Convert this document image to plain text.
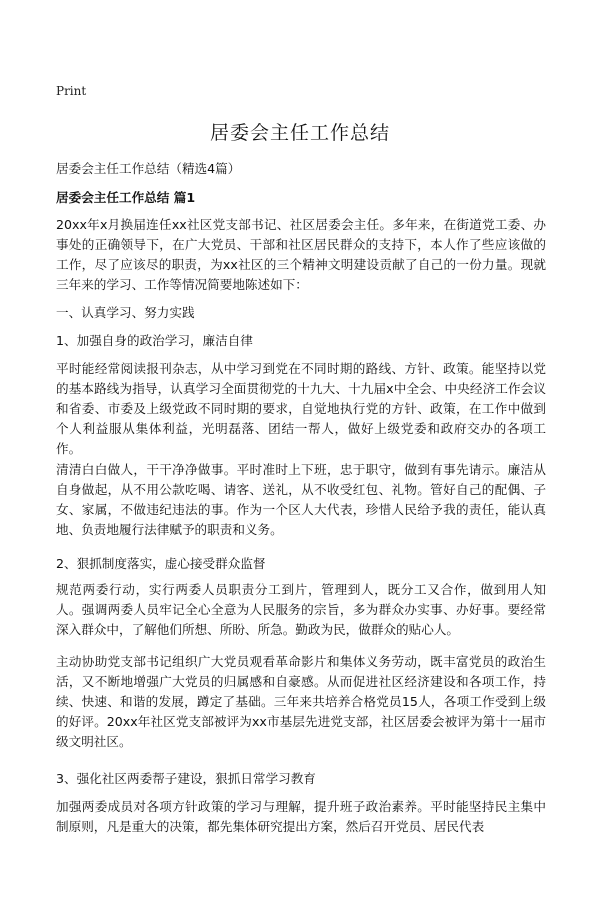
Print
居委会主任工作总结
居委会主任工作总结（精选4篇）
居委会主任工作总结 篇1
20xx年x月换届连任xx社区党支部书记、社区居委会主任。多年来，在街道党工委、办事处的正确领导下，在广大党员、干部和社区居民群众的支持下，本人作了些应该做的工作，尽了应该尽的职责，为xx社区的三个精神文明建设贡献了自己的一份力量。现就三年来的学习、工作等情况简要地陈述如下：
一、认真学习、努力实践
1、加强自身的政治学习，廉洁自律
平时能经常阅读报刊杂志，从中学习到党在不同时期的路线、方针、政策。能坚持以党的基本路线为指导，认真学习全面贯彻党的十九大、十九届x中全会、中央经济工作会议和省委、市委及上级党政不同时期的要求，自觉地执行党的方针、政策，在工作中做到个人利益服从集体利益，光明磊落、团结一帮人，做好上级党委和政府交办的各项工作。
清清白白做人，干干净净做事。平时准时上下班，忠于职守，做到有事先请示。廉洁从自身做起，从不用公款吃喝、请客、送礼，从不收受红包、礼物。管好自己的配偶、子女、家属，不做违纪违法的事。作为一个区人大代表，珍惜人民给予我的责任，能认真地、负责地履行法律赋予的职责和义务。
2、狠抓制度落实，虚心接受群众监督
规范两委行动，实行两委人员职责分工到片，管理到人，既分工又合作，做到用人知人。强调两委人员牢记全心全意为人民服务的宗旨，多为群众办实事、办好事。要经常深入群众中，了解他们所想、所盼、所急。勤政为民，做群众的贴心人。
主动协助党支部书记组织广大党员观看革命影片和集体义务劳动，既丰富党员的政治生活，又不断地增强广大党员的归属感和自豪感。从而促进社区经济建设和各项工作，持续、快速、和谐的发展，蹲定了基础。三年来共培养合格党员15人，各项工作受到上级的好评。20xx年社区党支部被评为xx市基层先进党支部，社区居委会被评为第十一届市级文明社区。
3、强化社区两委帮子建设，狠抓日常学习教育
加强两委成员对各项方针政策的学习与理解，提升班子政治素养。平时能坚持民主集中制原则，凡是重大的决策，都先集体研究提出方案，然后召开党员、居民代表
